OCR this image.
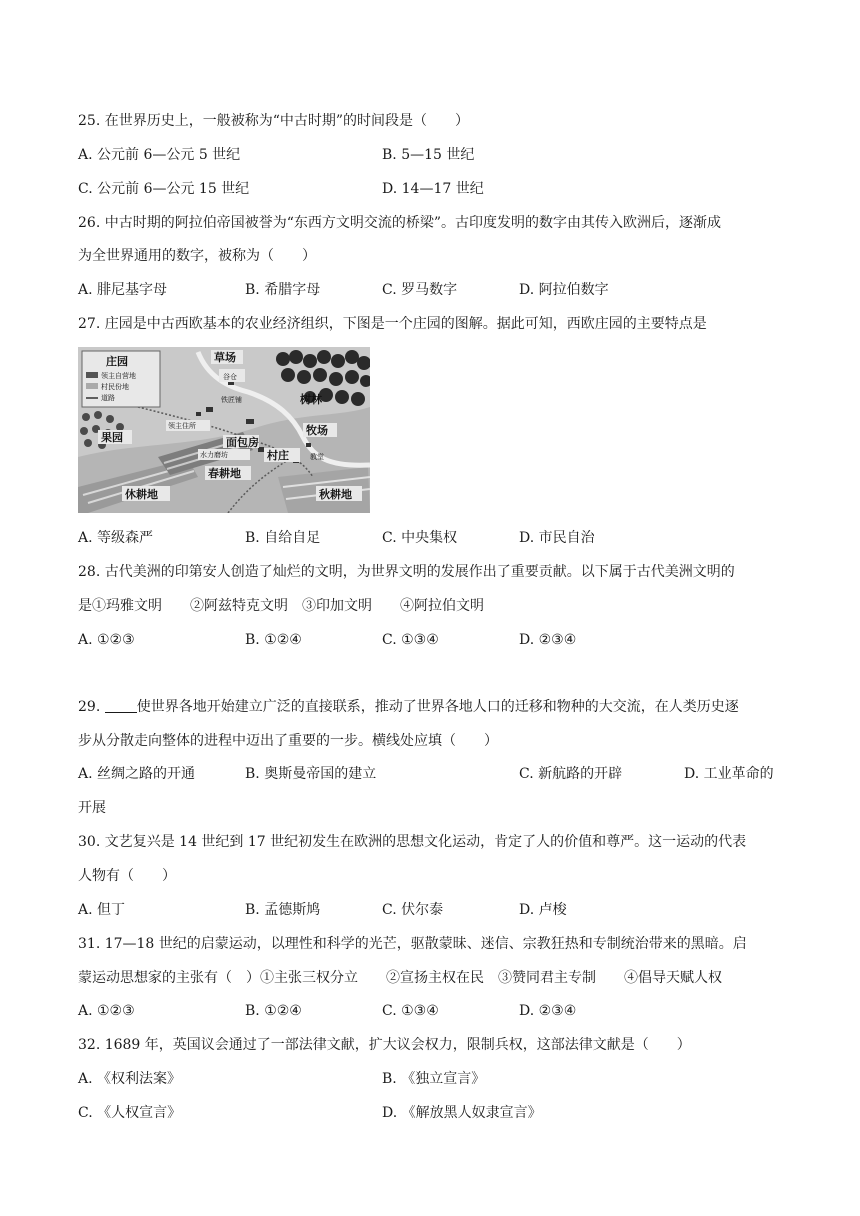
25. 在世界历史上，一般被称为“中古时期”的时间段是（　　）
A. 公元前 6—公元 5 世纪	B. 5—15 世纪
C. 公元前 6—公元 15 世纪	D. 14—17 世纪
26. 中古时期的阿拉伯帝国被誉为“东西方文明交流的桥梁”。古印度发明的数字由其传入欧洲后，逐渐成
为全世界通用的数字，被称为（　　）
A. 腓尼基字母	B. 希腊字母	C. 罗马数字	D. 阿拉伯数字
27. 庄园是中古西欧基本的农业经济组织，下图是一个庄园的图解。据此可知，西欧庄园的主要特点是
庄园
领主自营地
村民份地
道路
草场
谷仓
树林
领主住所
铁匠铺
面包房
牧场
果园
水力磨坊	村庄	教堂
春耕地
休耕地	秋耕地
A. 等级森严	B. 自给自足	C. 中央集权	D. 市民自治
28. 古代美洲的印第安人创造了灿烂的文明，为世界文明的发展作出了重要贡献。以下属于古代美洲文明的
是①玛雅文明　　②阿兹特克文明　③印加文明　　④阿拉伯文明
A. ①②③	B. ①②④	C. ①③④	D. ②③④
29.	使世界各地开始建立广泛的直接联系，推动了世界各地人口的迁移和物种的大交流，在人类历史逐
步从分散走向整体的进程中迈出了重要的一步。横线处应填（　　）
A. 丝绸之路的开通	B. 奥斯曼帝国的建立	C. 新航路的开辟	D. 工业革命的
开展
30. 文艺复兴是 14 世纪到 17 世纪初发生在欧洲的思想文化运动，肯定了人的价值和尊严。这一运动的代表
人物有（　　）
A. 但丁	B. 孟德斯鸠	C. 伏尔泰	D. 卢梭
31. 17—18 世纪的启蒙运动，以理性和科学的光芒，驱散蒙昧、迷信、宗教狂热和专制统治带来的黑暗。启
蒙运动思想家的主张有（　）①主张三权分立　　②宣扬主权在民　③赞同君主专制　　④倡导天赋人权
A. ①②③	B. ①②④	C. ①③④	D. ②③④
32. 1689 年，英国议会通过了一部法律文献，扩大议会权力，限制兵权，这部法律文献是（　　）
A. 《权利法案》	B. 《独立宣言》
C. 《人权宣言》	D. 《解放黑人奴隶宣言》
